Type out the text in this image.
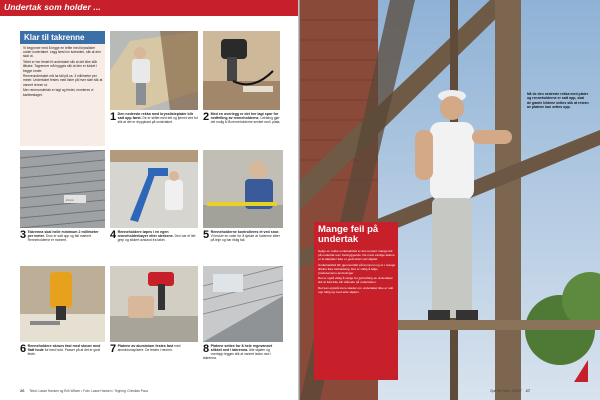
Undertak som holder ...
Klar til takrenne

Vi begynner med å legge en teltte med krysslister under undertaket. Legg først inn kortsiden, slik at den skal ut.

Teltet er her festet til undertaket slik at det ikke slår tilbake. Tagrenner må bygges slik at den er lukket i begge ender.

Renneundertaket må ha fall på ca. 3 millimeter per meter. Undertaket festes med lister på hver side slik at vannet renner ut.

Mer renneundertak er lagt og festet, monteres vi kantbeslaget.

1 Den nederste rekka med krysslisteplater blir satt opp først. De er stiftet med tett og fjernet ved fot slik at det er dryppkant på undertaket.	2 Med en overlegg er det her lagt spor for nedfelling av renneholderne. Lekteing gjør det mulig å få renneholderne senket ned i plata.
2 mm
3 Takrenna skal helle minimum 2 millimeter per meter. Snor er satt opp og fall markert. Renneholderne er montert.	4 Renneholdere løpes i en egen renneholderbøyer etter strekene. Den har et lett grep og sikkert avstand fra taket.	5 Renneholderne kontrolleres et ved snor. Vi bruker en vater for å sjekke at holderne sitter på linje og har riktig fall.
6 Renneholdere skrues fast med skruer med flatt hode for best hold. Passer på at det er godt feste.	7 Platene av aluminium festes fast med aluminiumspikere. De festes i rennen.	8 Platene settes for å hele regnvannet slikket ned i takrenna. Alle skjøter og overlapp legges slik at vannet ledes ned i takrenna.
26 Tekst: Lasse Hansen og Erik Wilsen • Foto: Lasse Hansen • Tegning: Christian Pauz
Nå de den nederste rekka med plater og renneholderne er satt opp, skal de gamle lektene settes slik at resten av platene kan settes opp.
Mange feil på undertak

Selge en rekke undertaksfeil er det montert mange feil på undertak som forebyggende. De mest vanlige feilene er at takplater ikke er godt tettet ved skjøter.

Undertaksfeil blir gjennomført på kommun og er i mange tilfeller ikke tilstrekkelig. Det er viktig å følge produsentens anvisninger.

Det er også viktig å sørge for god lufting av undertaket slik at fukt ikke blir stående på undersiden.

Det kan oppstå store skader om undertaket ikke er satt opp riktig og med tette skjøter.

Gjør Det Selv • 6/2007 27
